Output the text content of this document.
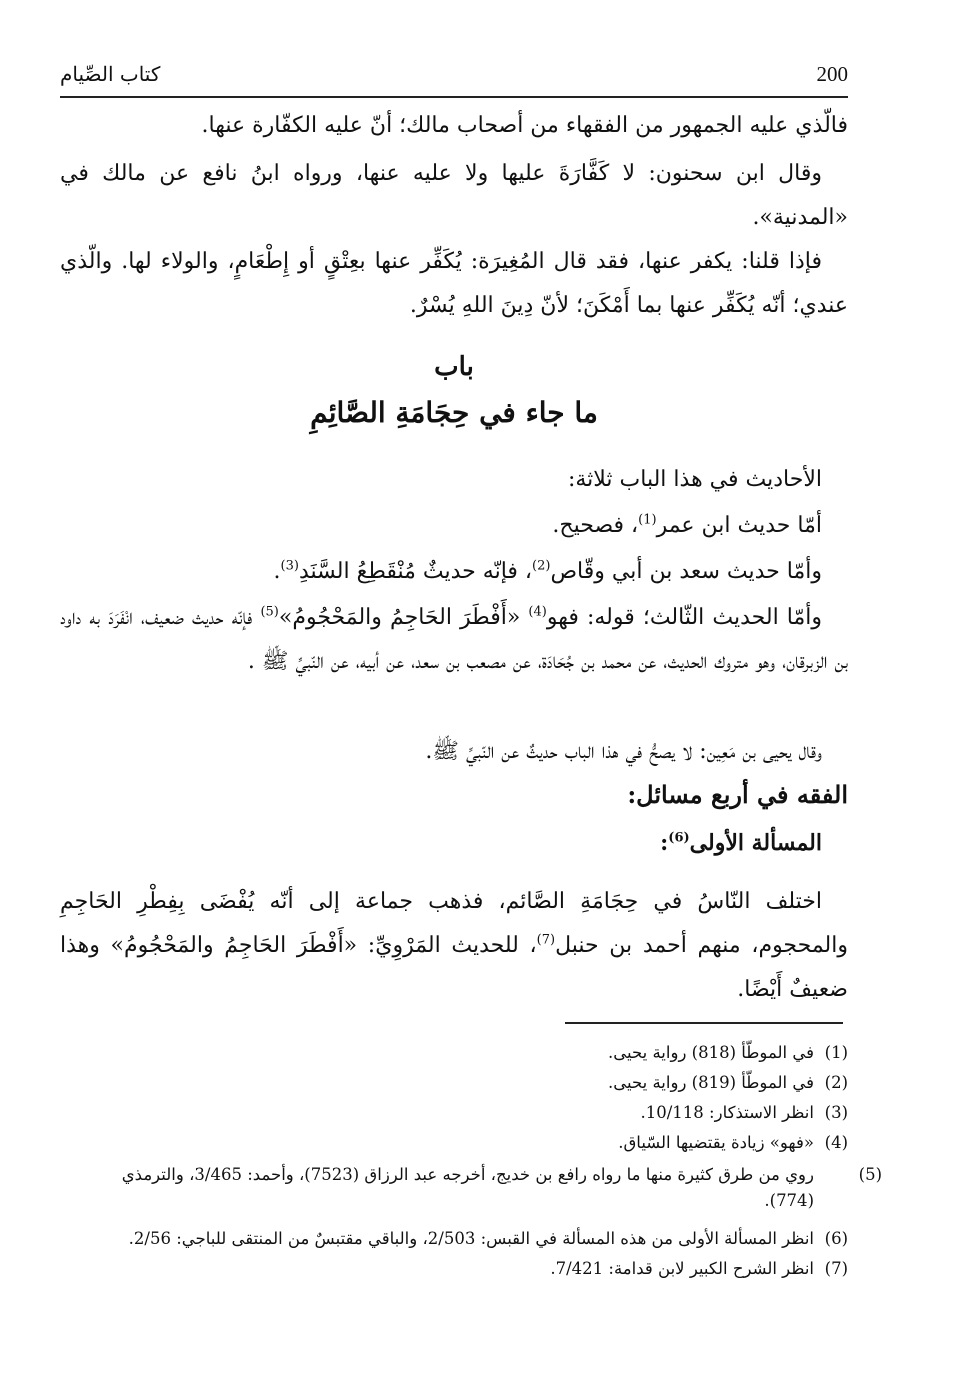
200
كتاب الصِّيام
فالّذي عليه الجمهور من الفقهاء من أصحاب مالك؛ أنّ عليه الكفّارة عنها.
وقال ابن سحنون: لا كَفَّارَةَ عليها ولا عليه عنها، ورواه ابنُ نافع عن مالك في «المدنية».
فإذا قلنا: يكفر عنها، فقد قال المُغِيرَة: يُكَفِّر عنها بعِتْقٍ أو إِطْعَامٍ، والولاء لها. والّذي عندي؛ أنّه يُكَفِّر عنها بما أَمْكَنَ؛ لأنّ دِينَ اللهِ يُسْرٌ.
باب
ما جاء في حِجَامَةِ الصَّائِمِ
الأحاديث في هذا الباب ثلاثة:
أمّا حديث ابن عمر$^{(1)}$، فصحيح.
وأمّا حديث سعد بن أبي وقّاص$^{(2)}$، فإنّه حديثٌ مُنْقَطِعُ السَّنَدِ$^{(3)}$.
وأمّا الحديث الثّالث؛ قوله: فهو$^{(4)}$ «أَفْطَرَ الحَاجِمُ والمَحْجُومُ»$^{(5)}$ فإنّه حديث ضعيف، انْفَرَدَ به داود بن الزبرقان، وهو متروك الحديث، عن محمد بن جُحَادَة، عن مصعب بن سعد، عن أبيه، عن النّبيِّ ﷺ .
وقال يحيى بن مَعِين: لا يصحُّ في هذا الباب حديثٌ عن النّبيِّ ﷺ.
الفقه في أربع مسائل:
المسألة الأولى$^{(6)}$:
اختلف النّاسُ في حِجَامَةِ الصَّائم، فذهب جماعة إلى أنّه يُفْضَى بِفِطْرِ الحَاجِمِ والمحجوم، منهم أحمد بن حنبل$^{(7)}$، للحديث المَرْوِيِّ: «أَفْطَرَ الحَاجِمُ والمَحْجُومُ» وهذا ضعيفٌ أَيْضًا.
(1)في الموطّأ (818) رواية يحيى.
(2)في الموطّأ (819) رواية يحيى.
(3)انظر الاستذكار: 10/118.
(4)«فهو» زيادة يقتضيها السّياق.
(5)روي من طرق كثيرة منها ما رواه رافع بن خديج، أخرجه عبد الرزاق (7523)، وأحمد: 3/465، والترمذي (774).
(6)انظر المسألة الأولى من هذه المسألة في القبس: 2/503، والباقي مقتبسٌ من المنتقى للباجي: 2/56.
(7)انظر الشرح الكبير لابن قدامة: 7/421.
